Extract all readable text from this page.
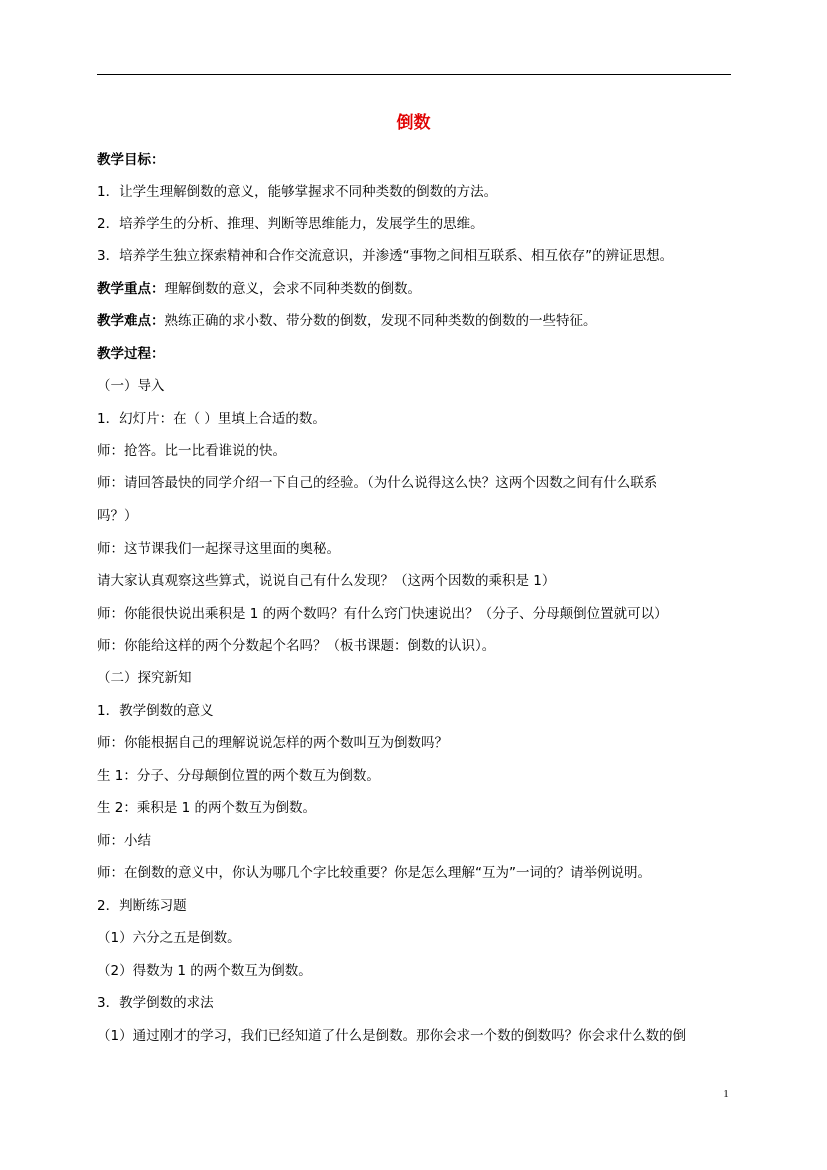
倒数
教学目标：
1．让学生理解倒数的意义，能够掌握求不同种类数的倒数的方法。
2．培养学生的分析、推理、判断等思维能力，发展学生的思维。
3．培养学生独立探索精神和合作交流意识，并渗透“事物之间相互联系、相互依存”的辨证思想。
教学重点：理解倒数的意义，会求不同种类数的倒数。
教学难点：熟练正确的求小数、带分数的倒数，发现不同种类数的倒数的一些特征。
教学过程：
（一）导入
1．幻灯片：在（ ）里填上合适的数。
师：抢答。比一比看谁说的快。
师：请回答最快的同学介绍一下自己的经验。（为什么说得这么快？这两个因数之间有什么联系
吗？）
师：这节课我们一起探寻这里面的奥秘。
请大家认真观察这些算式，说说自己有什么发现？（这两个因数的乘积是 1）
师：你能很快说出乘积是 1 的两个数吗？有什么窍门快速说出？（分子、分母颠倒位置就可以）
师：你能给这样的两个分数起个名吗？（板书课题：倒数的认识）。
（二）探究新知
1．教学倒数的意义
师：你能根据自己的理解说说怎样的两个数叫互为倒数吗？
生 1：分子、分母颠倒位置的两个数互为倒数。
生 2：乘积是 1 的两个数互为倒数。
师：小结
师：在倒数的意义中，你认为哪几个字比较重要？你是怎么理解“互为”一词的？请举例说明。
2．判断练习题
（1）六分之五是倒数。
（2）得数为 1 的两个数互为倒数。
3．教学倒数的求法
（1）通过刚才的学习，我们已经知道了什么是倒数。那你会求一个数的倒数吗？你会求什么数的倒
1
